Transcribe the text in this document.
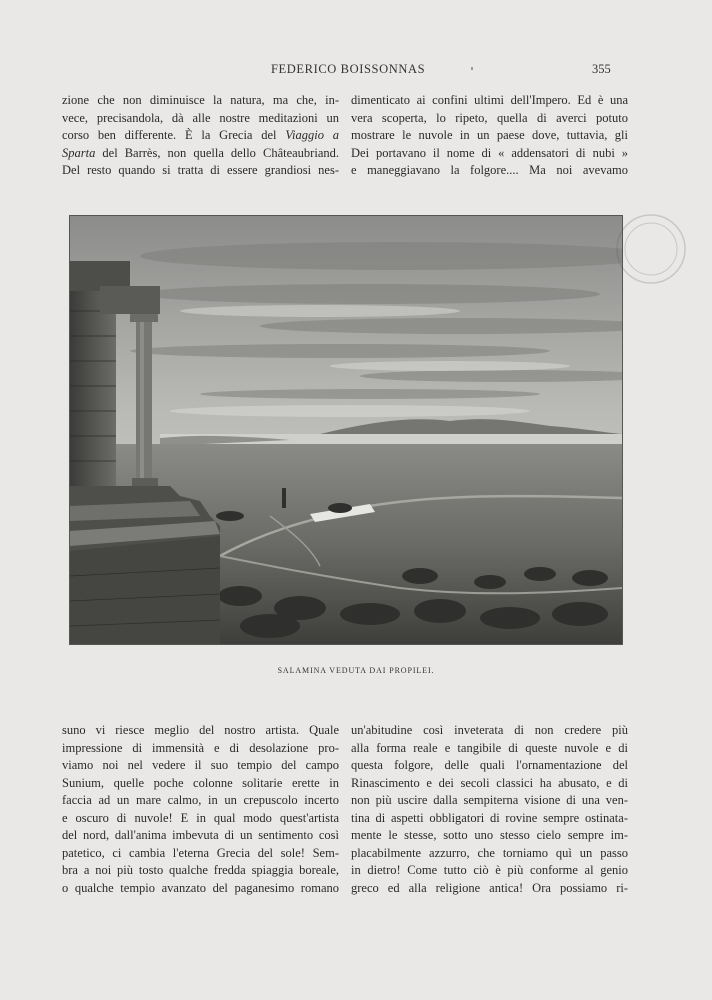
FEDERICO BOISSONNAS	355
zione che non diminuisce la natura, ma che, in-
vece, precisandola, dà alle nostre meditazioni un
corso ben differente. È la Grecia del Viaggio a
Sparta del Barrès, non quella dello Châteaubriand.
Del resto quando si tratta di essere grandiosi nes-
dimenticato ai confini ultimi dell'Impero. Ed è una
vera scoperta, lo ripeto, quella di averci potuto
mostrare le nuvole in un paese dove, tuttavia, gli
Dei portavano il nome di « addensatori di nubi »
e maneggiavano la folgore.... Ma noi avevamo
SALAMINA VEDUTA DAI PROPILEI.
suno vi riesce meglio del nostro artista. Quale
impressione di immensità e di desolazione pro-
viamo noi nel vedere il suo tempio del campo
Sunium, quelle poche colonne solitarie erette in
faccia ad un mare calmo, in un crepuscolo incerto
e oscuro di nuvole! E in qual modo quest'artista
del nord, dall'anima imbevuta di un sentimento così
patetico, ci cambia l'eterna Grecia del sole! Sem-
bra a noi più tosto qualche fredda spiaggia boreale,
o qualche tempio avanzato del paganesimo romano
un'abitudine così inveterata di non credere più
alla forma reale e tangibile di queste nuvole e di
questa folgore, delle quali l'ornamentazione del
Rinascimento e dei secoli classici ha abusato, e di
non più uscire dalla sempiterna visione di una ven-
tina di aspetti obbligatori di rovine sempre ostinata-
mente le stesse, sotto uno stesso cielo sempre im-
placabilmente azzurro, che torniamo quì un passo
in dietro! Come tutto ciò è più conforme al genio
greco ed alla religione antica! Ora possiamo ri-
